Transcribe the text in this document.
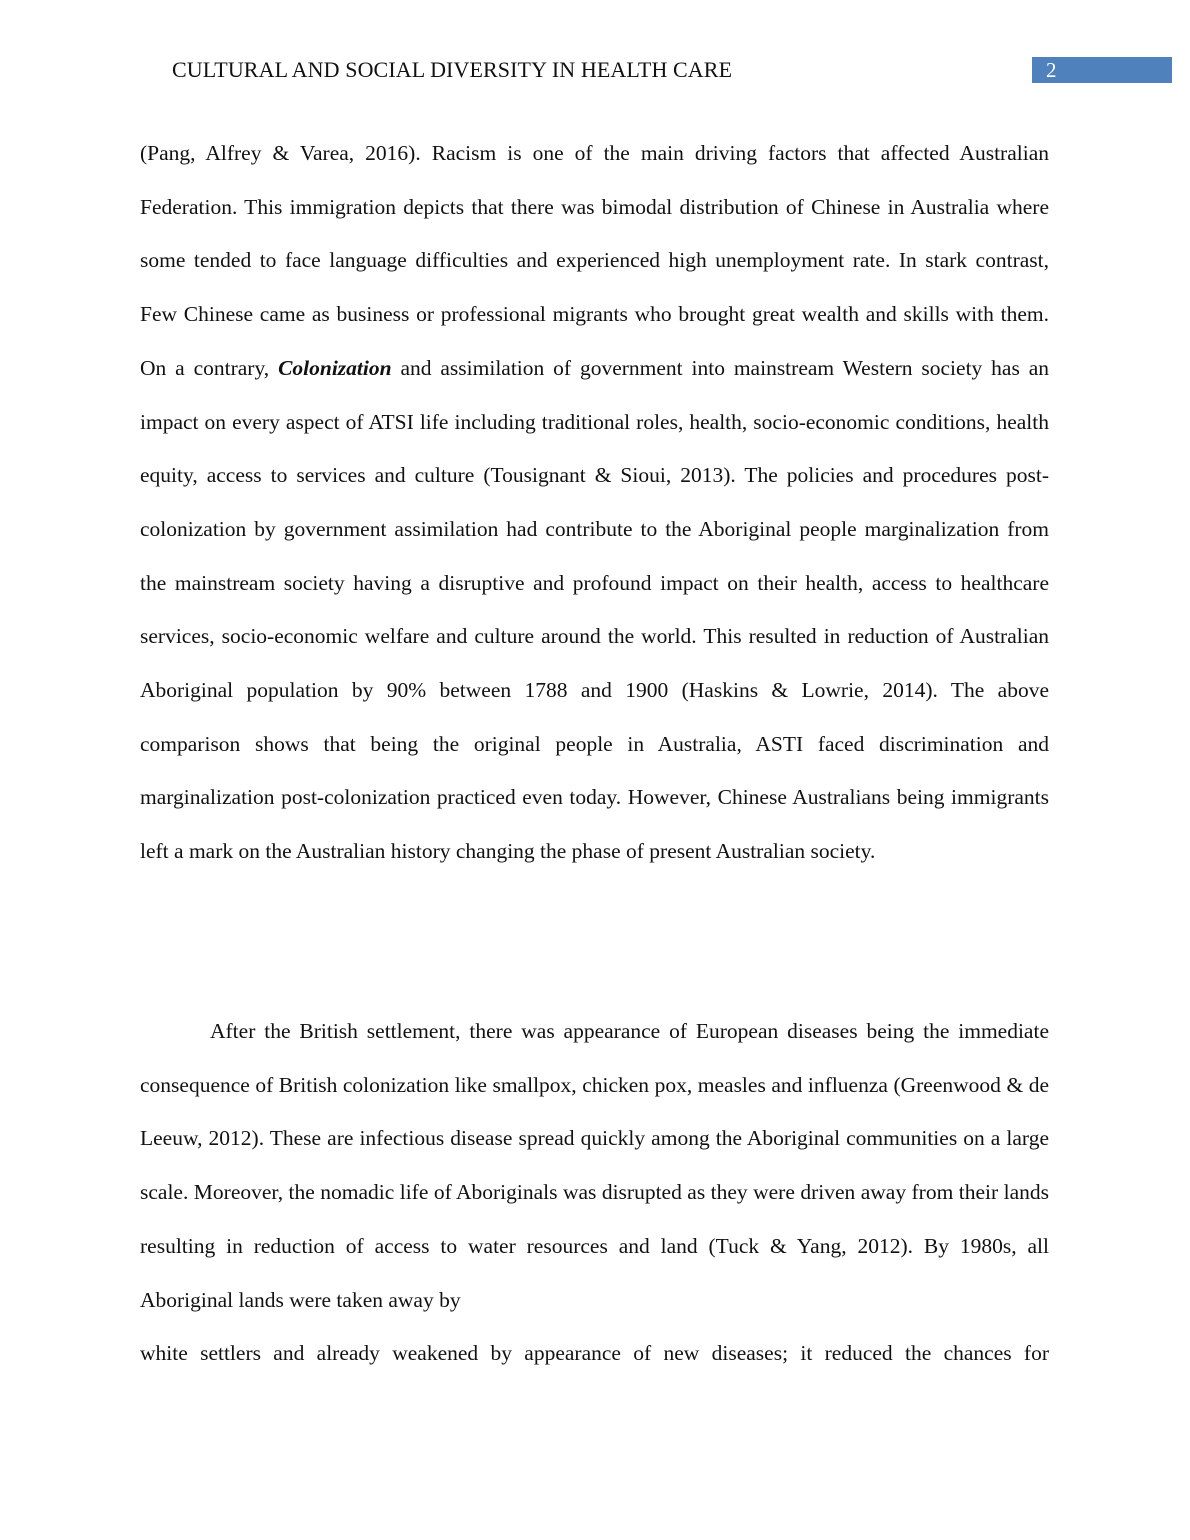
CULTURAL AND SOCIAL DIVERSITY IN HEALTH CARE	2

(Pang, Alfrey & Varea, 2016). Racism is one of the main driving factors that affected Australian Federation. This immigration depicts that there was bimodal distribution of Chinese in Australia where some tended to face language difficulties and experienced high unemployment rate. In stark contrast, Few Chinese came as business or professional migrants who brought great wealth and skills with them. On a contrary, Colonization and assimilation of government into mainstream Western society has an impact on every aspect of ATSI life including traditional roles, health, socio-economic conditions, health equity, access to services and culture (Tousignant & Sioui, 2013). The policies and procedures post- colonization by government assimilation had contribute to the Aboriginal people marginalization from the mainstream society having a disruptive and profound impact on their health, access to healthcare services, socio-economic welfare and culture around the world. This resulted in reduction of Australian Aboriginal population by 90% between 1788 and 1900 (Haskins & Lowrie, 2014). The above comparison shows that being the original people in Australia, ASTI faced discrimination and marginalization post-colonization practiced even today. However, Chinese Australians being immigrants left a mark on the Australian history changing the phase of present Australian society.

After the British settlement, there was appearance of European diseases being the immediate consequence of British colonization like smallpox, chicken pox, measles and influenza (Greenwood & de Leeuw, 2012). These are infectious disease spread quickly among the Aboriginal communities on a large scale. Moreover, the nomadic life of Aboriginals was disrupted as they were driven away from their lands resulting in reduction of access to water resources and land (Tuck & Yang, 2012). By 1980s, all Aboriginal lands were taken away by

white settlers and already weakened by appearance of new diseases; it reduced the chances for
